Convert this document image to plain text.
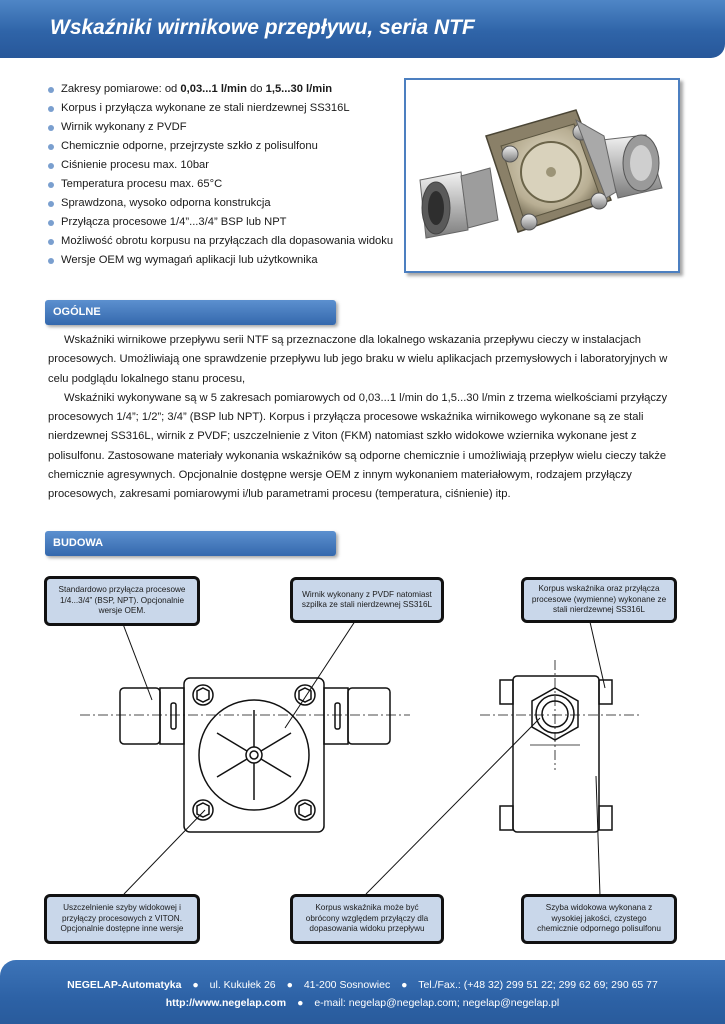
Wskaźniki wirnikowe przepływu, seria NTF
Zakresy pomiarowe: od 0,03...1 l/min do 1,5...30 l/min
Korpus i przyłącza wykonane ze stali nierdzewnej SS316L
Wirnik wykonany z PVDF
Chemicznie odporne, przejrzyste szkło z polisulfonu
Ciśnienie procesu max. 10bar
Temperatura procesu max. 65°C
Sprawdzona, wysoko odporna konstrukcja
Przyłącza procesowe 1/4”...3/4” BSP lub NPT
Możliwość obrotu korpusu na przyłączach dla dopasowania widoku
Wersje OEM wg wymagań aplikacji lub użytkownika
OGÓLNE

Wskaźniki wirnikowe przepływu serii NTF są przeznaczone dla lokalnego wskazania przepływu cieczy w instalacjach procesowych. Umożliwiają one sprawdzenie przepływu lub jego braku w wielu aplikacjach przemysłowych i laboratoryjnych w celu podglądu lokalnego stanu procesu,

Wskaźniki wykonywane są w 5 zakresach pomiarowych od 0,03...1 l/min do 1,5...30 l/min z trzema wielkościami przyłączy procesowych 1/4”; 1/2”; 3/4” (BSP lub NPT). Korpus i przyłącza procesowe wskaźnika wirnikowego wykonane są ze stali nierdzewnej SS316L, wirnik z PVDF; uszczelnienie z Viton (FKM) natomiast szkło widokowe wziernika wykonane jest z polisulfonu. Zastosowane materiały wykonania wskaźników są odporne chemicznie i umożliwiają przepływ wielu cieczy także chemicznie agresywnych. Opcjonalnie dostępne wersje OEM z innym wykonaniem materiałowym, rodzajem przyłączy procesowych, zakresami pomiarowymi i/lub parametrami procesu (temperatura, ciśnienie) itp.

BUDOWA
Standardowo przyłącza procesowe 1/4...3/4” (BSP, NPT). Opcjonalnie wersje OEM.
Wirnik wykonany z PVDF natomiast szpilka ze stali nierdzewnej SS316L
Korpus wskaźnika oraz przyłącza procesowe (wymienne) wykonane ze stali nierdzewnej SS316L
Uszczelnienie szyby widokowej i przyłączy procesowych z VITON. Opcjonalnie dostępne inne wersje
Korpus wskaźnika może być obrócony względem przyłączy dla dopasowania widoku przepływu
Szyba widokowa wykonana z wysokiej jakości, czystego chemicznie odpornego polisulfonu
NEGELAP-Automatyka ● ul. Kukułek 26 ● 41-200 Sosnowiec ● Tel./Fax.: (+48 32) 299 51 22; 299 62 69; 290 65 77
http://www.negelap.com ● e-mail: negelap@negelap.com; negelap@negelap.pl
